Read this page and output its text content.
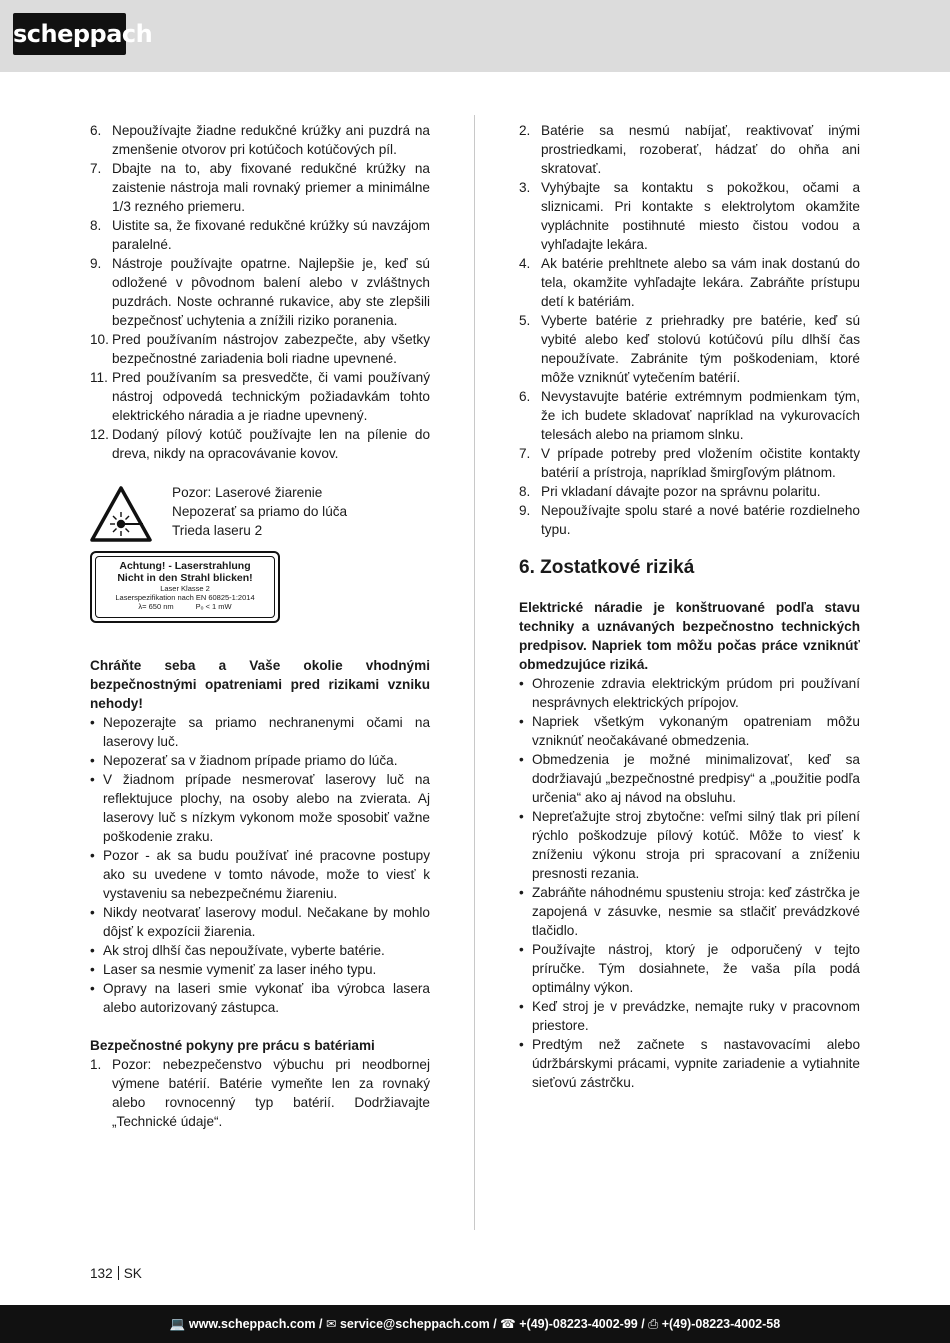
scheppach
6. Nepoužívajte žiadne redukčné krúžky ani puzdrá na zmenšenie otvorov pri kotúčoch kotúčových píl.
7. Dbajte na to, aby fixované redukčné krúžky na zaistenie nástroja mali rovnaký priemer a minimálne 1/3 rezného priemeru.
8. Uistite sa, že fixované redukčné krúžky sú navzájom paralelné.
9. Nástroje používajte opatrne. Najlepšie je, keď sú odložené v pôvodnom balení alebo v zvláštnych puzdrách. Noste ochranné rukavice, aby ste zlepšili bezpečnosť uchytenia a znížili riziko poranenia.
10. Pred používaním nástrojov zabezpečte, aby všetky bezpečnostné zariadenia boli riadne upevnené.
11. Pred používaním sa presvedčte, či vami používaný nástroj odpovedá technickým požiadavkám tohto elektrického náradia a je riadne upevnený.
12. Dodaný pílový kotúč používajte len na pílenie do dreva, nikdy na opracovávanie kovov.
Pozor: Laserové žiarenie
Nepozerať sa priamo do lúča
Trieda laseru 2
Achtung! - Laserstrahlung
Nicht in den Strahl blicken!
Laser Klasse 2
Laserspezifikation nach EN 60825-1:2014
λ= 650 nm	Pₒ < 1 mW
Chráňte seba a Vaše okolie vhodnými bezpečnostnými opatreniami pred rizikami vzniku nehody!
• Nepozerajte sa priamo nechranenymi očami na laserovy luč.
• Nepozerať sa v žiadnom prípade priamo do lúča.
• V žiadnom prípade nesmerovať laserovy luč na reflektujuce plochy, na osoby alebo na zvierata. Aj laserovy luč s nízkym vykonom može sposobiť važne poškodenie zraku.
• Pozor - ak sa budu používať iné pracovne postupy ako su uvedene v tomto návode, može to viesť k vystaveniu sa nebezpečnému žiareniu.
• Nikdy neotvarať laserovy modul. Nečakane by mohlo dôjsť k expozícii žiarenia.
• Ak stroj dlhší čas nepoužívate, vyberte batérie.
• Laser sa nesmie vymeniť za laser iného typu.
• Opravy na laseri smie vykonať iba výrobca lasera alebo autorizovaný zástupca.
Bezpečnostné pokyny pre prácu s batériami
1. Pozor: nebezpečenstvo výbuchu pri neodbornej výmene batérií. Batérie vymeňte len za rovnaký alebo rovnocenný typ batérií. Dodržiavajte „Technické údaje“.
2. Batérie sa nesmú nabíjať, reaktivovať inými prostriedkami, rozoberať, hádzať do ohňa ani skratovať.
3. Vyhýbajte sa kontaktu s pokožkou, očami a sliznicami. Pri kontakte s elektrolytom okamžite vypláchnite postihnuté miesto čistou vodou a vyhľadajte lekára.
4. Ak batérie prehltnete alebo sa vám inak dostanú do tela, okamžite vyhľadajte lekára. Zabráňte prístupu detí k batériám.
5. Vyberte batérie z priehradky pre batérie, keď sú vybité alebo keď stolovú kotúčovú pílu dlhší čas nepoužívate. Zabránite tým poškodeniam, ktoré môže vzniknúť vytečením batérií.
6. Nevystavujte batérie extrémnym podmienkam tým, že ich budete skladovať napríklad na vykurovacích telesách alebo na priamom slnku.
7. V prípade potreby pred vložením očistite kontakty batérií a prístroja, napríklad šmirgľovým plátnom.
8. Pri vkladaní dávajte pozor na správnu polaritu.
9. Nepoužívajte spolu staré a nové batérie rozdielneho typu.
6. Zostatkové riziká
Elektrické náradie je konštruované podľa stavu techniky a uznávaných bezpečnostno technických predpisov. Napriek tom môžu počas práce vzniknúť obmedzujúce riziká.
• Ohrozenie zdravia elektrickým prúdom pri používaní nesprávnych elektrických prípojov.
• Napriek všetkým vykonaným opatreniam môžu vzniknúť neočakávané obmedzenia.
• Obmedzenia je možné minimalizovať, keď sa dodržiavajú „bezpečnostné predpisy“ a „použitie podľa určenia“ ako aj návod na obsluhu.
• Nepreťažujte stroj zbytočne: veľmi silný tlak pri pílení rýchlo poškodzuje pílový kotúč. Môže to viesť k zníženiu výkonu stroja pri spracovaní a zníženiu presnosti rezania.
• Zabráňte náhodnému spusteniu stroja: keď zástrčka je zapojená v zásuvke, nesmie sa stlačiť prevádzkové tlačidlo.
• Používajte nástroj, ktorý je odporučený v tejto príručke. Tým dosiahnete, že vaša píla podá optimálny výkon.
• Keď stroj je v prevádzke, nemajte ruky v pracovnom priestore.
• Predtým než začnete s nastavovacími alebo údržbárskymi prácami, vypnite zariadenie a vytiahnite sieťovú zástrčku.
132 SK
💻 www.scheppach.com / ✉ service@scheppach.com / ☎ +(49)-08223-4002-99 / ⎙ +(49)-08223-4002-58
